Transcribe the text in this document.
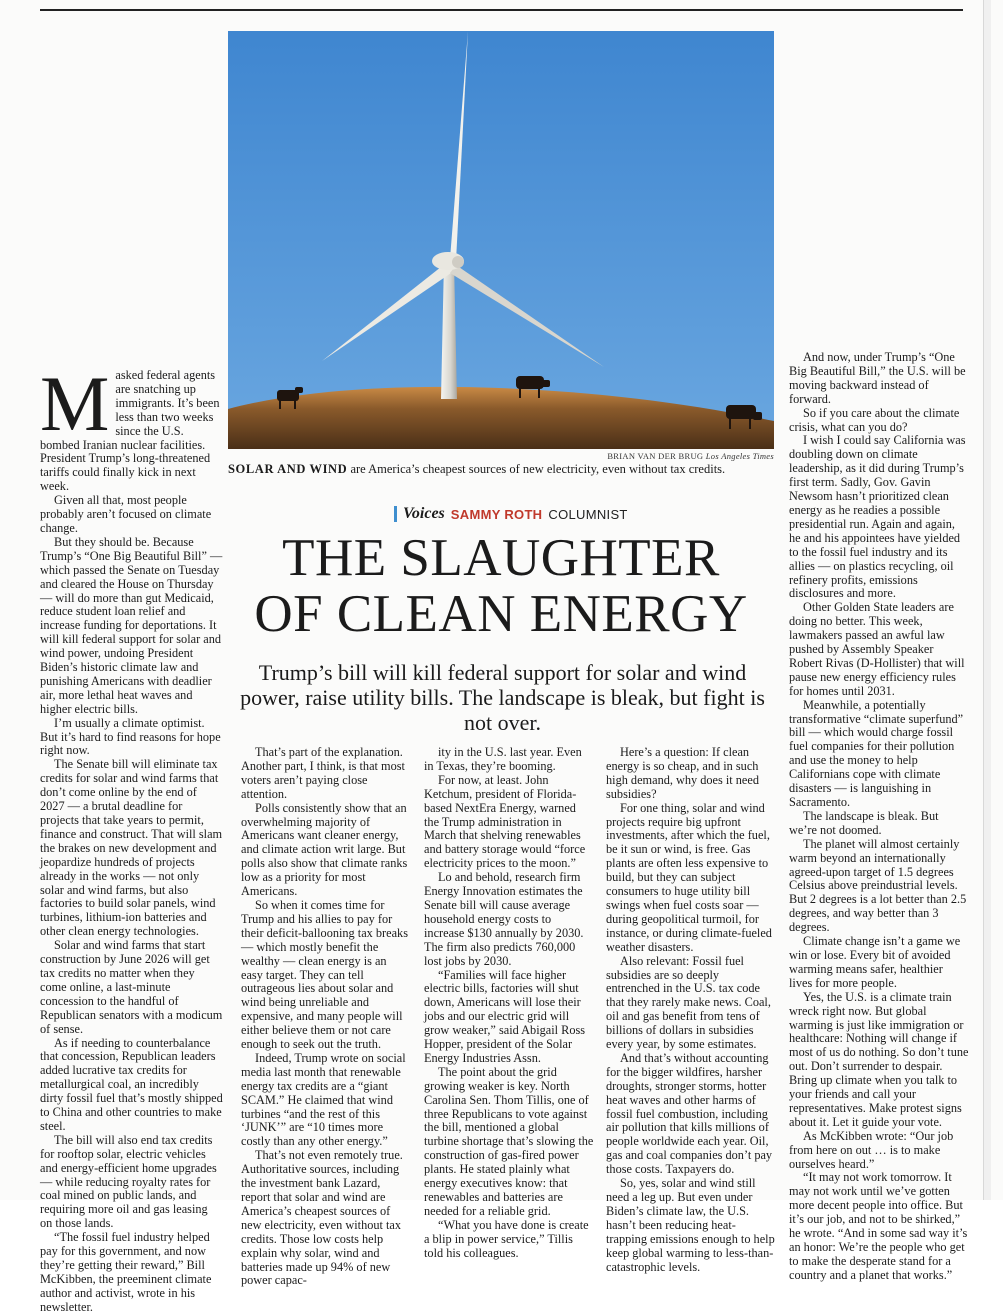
BRIAN VAN DER BRUG Los Angeles Times
SOLAR AND WIND are America’s cheapest sources of new electricity, even without tax credits.
Voices SAMMY ROTH COLUMNIST
THE SLAUGHTER
OF CLEAN ENERGY

Trump’s bill will kill federal support for solar and wind power, raise utility bills. The landscape is bleak, but fight is not over.

Masked federal agents are snatching up immigrants. It’s been less than two weeks since the U.S. bombed Iranian nuclear facilities. President Trump’s long-threatened tariffs could finally kick in next week.

Given all that, most people probably aren’t focused on climate change.

But they should be. Because Trump’s “One Big Beautiful Bill” — which passed the Senate on Tuesday and cleared the House on Thursday — will do more than gut Medicaid, reduce student loan relief and increase funding for deportations. It will kill federal support for solar and wind power, undoing President Biden’s historic climate law and punishing Americans with deadlier air, more lethal heat waves and higher electric bills.

I’m usually a climate optimist. But it’s hard to find reasons for hope right now.

The Senate bill will eliminate tax credits for solar and wind farms that don’t come online by the end of 2027 — a brutal deadline for projects that take years to permit, finance and construct. That will slam the brakes on new development and jeopardize hundreds of projects already in the works — not only solar and wind farms, but also factories to build solar panels, wind turbines, lithium-ion batteries and other clean energy technologies.

Solar and wind farms that start construction by June 2026 will get tax credits no matter when they come online, a last-minute concession to the handful of Republican senators with a modicum of sense.

As if needing to counterbalance that concession, Republican leaders added lucrative tax credits for metallurgical coal, an incredibly dirty fossil fuel that’s mostly shipped to China and other countries to make steel.

The bill will also end tax credits for rooftop solar, electric vehicles and energy-efficient home upgrades — while reducing royalty rates for coal mined on public lands, and requiring more oil and gas leasing on those lands.

“The fossil fuel industry helped pay for this government, and now they’re getting their reward,” Bill McKibben, the preeminent climate author and activist, wrote in his newsletter.

That’s part of the explanation. Another part, I think, is that most voters aren’t paying close attention.

Polls consistently show that an overwhelming majority of Americans want cleaner energy, and climate action writ large. But polls also show that climate ranks low as a priority for most Americans.

So when it comes time for Trump and his allies to pay for their deficit-ballooning tax breaks — which mostly benefit the wealthy — clean energy is an easy target. They can tell outrageous lies about solar and wind being unreliable and expensive, and many people will either believe them or not care enough to seek out the truth.

Indeed, Trump wrote on social media last month that renewable energy tax credits are a “giant SCAM.” He claimed that wind turbines “and the rest of this ‘JUNK’” are “10 times more costly than any other energy.”

That’s not even remotely true. Authoritative sources, including the investment bank Lazard, report that solar and wind are America’s cheapest sources of new electricity, even without tax credits. Those low costs help explain why solar, wind and batteries made up 94% of new power capac-

ity in the U.S. last year. Even in Texas, they’re booming.

For now, at least. John Ketchum, president of Florida-based NextEra Energy, warned the Trump administration in March that shelving renewables and battery storage would “force electricity prices to the moon.”

Lo and behold, research firm Energy Innovation estimates the Senate bill will cause average household energy costs to increase $130 annually by 2030. The firm also predicts 760,000 lost jobs by 2030.

“Families will face higher electric bills, factories will shut down, Americans will lose their jobs and our electric grid will grow weaker,” said Abigail Ross Hopper, president of the Solar Energy Industries Assn.

The point about the grid growing weaker is key. North Carolina Sen. Thom Tillis, one of three Republicans to vote against the bill, mentioned a global turbine shortage that’s slowing the construction of gas-fired power plants. He stated plainly what energy executives know: that renewables and batteries are needed for a reliable grid.

“What you have done is create a blip in power service,” Tillis told his colleagues.

Here’s a question: If clean energy is so cheap, and in such high demand, why does it need subsidies?

For one thing, solar and wind projects require big upfront investments, after which the fuel, be it sun or wind, is free. Gas plants are often less expensive to build, but they can subject consumers to huge utility bill swings when fuel costs soar — during geopolitical turmoil, for instance, or during climate-fueled weather disasters.

Also relevant: Fossil fuel subsidies are so deeply entrenched in the U.S. tax code that they rarely make news. Coal, oil and gas benefit from tens of billions of dollars in subsidies every year, by some estimates.

And that’s without accounting for the bigger wildfires, harsher droughts, stronger storms, hotter heat waves and other harms of fossil fuel combustion, including air pollution that kills millions of people worldwide each year. Oil, gas and coal companies don’t pay those costs. Taxpayers do.

So, yes, solar and wind still need a leg up. But even under Biden’s climate law, the U.S. hasn’t been reducing heat-trapping emissions enough to help keep global warming to less-than-catastrophic levels.

And now, under Trump’s “One Big Beautiful Bill,” the U.S. will be moving backward instead of forward.

So if you care about the climate crisis, what can you do?

I wish I could say California was doubling down on climate leadership, as it did during Trump’s first term. Sadly, Gov. Gavin Newsom hasn’t prioritized clean energy as he readies a possible presidential run. Again and again, he and his appointees have yielded to the fossil fuel industry and its allies — on plastics recycling, oil refinery profits, emissions disclosures and more.

Other Golden State leaders are doing no better. This week, lawmakers passed an awful law pushed by Assembly Speaker Robert Rivas (D-Hollister) that will pause new energy efficiency rules for homes until 2031.

Meanwhile, a potentially transformative “climate superfund” bill — which would charge fossil fuel companies for their pollution and use the money to help Californians cope with climate disasters — is languishing in Sacramento.

The landscape is bleak. But we’re not doomed.

The planet will almost certainly warm beyond an internationally agreed-upon target of 1.5 degrees Celsius above preindustrial levels. But 2 degrees is a lot better than 2.5 degrees, and way better than 3 degrees.

Climate change isn’t a game we win or lose. Every bit of avoided warming means safer, healthier lives for more people.

Yes, the U.S. is a climate train wreck right now. But global warming is just like immigration or healthcare: Nothing will change if most of us do nothing. So don’t tune out. Don’t surrender to despair. Bring up climate when you talk to your friends and call your representatives. Make protest signs about it. Let it guide your vote.

As McKibben wrote: “Our job from here on out … is to make ourselves heard.”

“It may not work tomorrow. It may not work until we’ve gotten more decent people into office. But it’s our job, and not to be shirked,” he wrote. “And in some sad way it’s an honor: We’re the people who get to make the desperate stand for a country and a planet that works.”
